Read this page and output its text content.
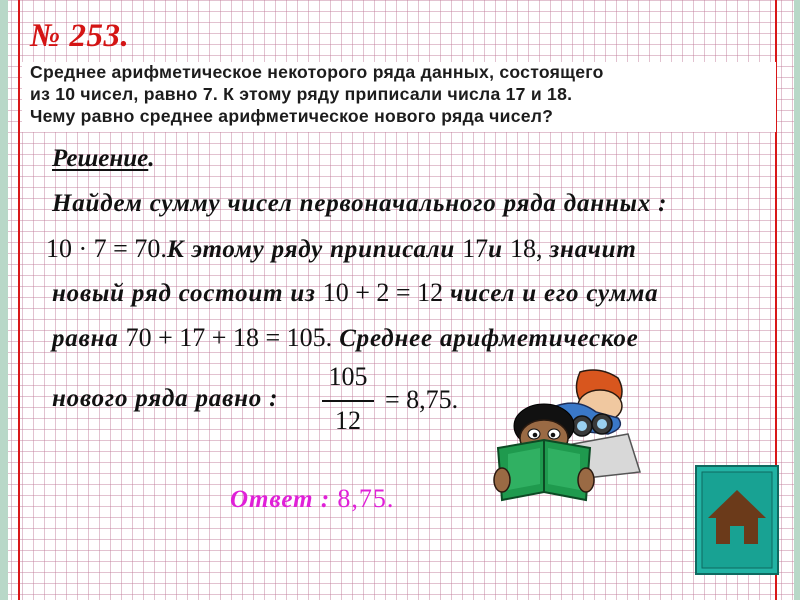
№ 253.
Среднее арифметическое некоторого ряда данных, состоящего
из 10 чисел, равно 7. К этому ряду приписали числа 17 и 18.
Чему равно среднее арифметическое нового ряда чисел?
Решение.
Найдем сумму чисел первоначального ряда данных :
10 · 7 = 70.К этому ряду приписали 17и 18, значит
новый ряд состоит из 10 + 2 = 12 чисел и его сумма
равна 70 + 17 + 18 = 105. Среднее арифметическое
нового ряда равно :
105
12
= 8,75.
Ответ : 8,75.
